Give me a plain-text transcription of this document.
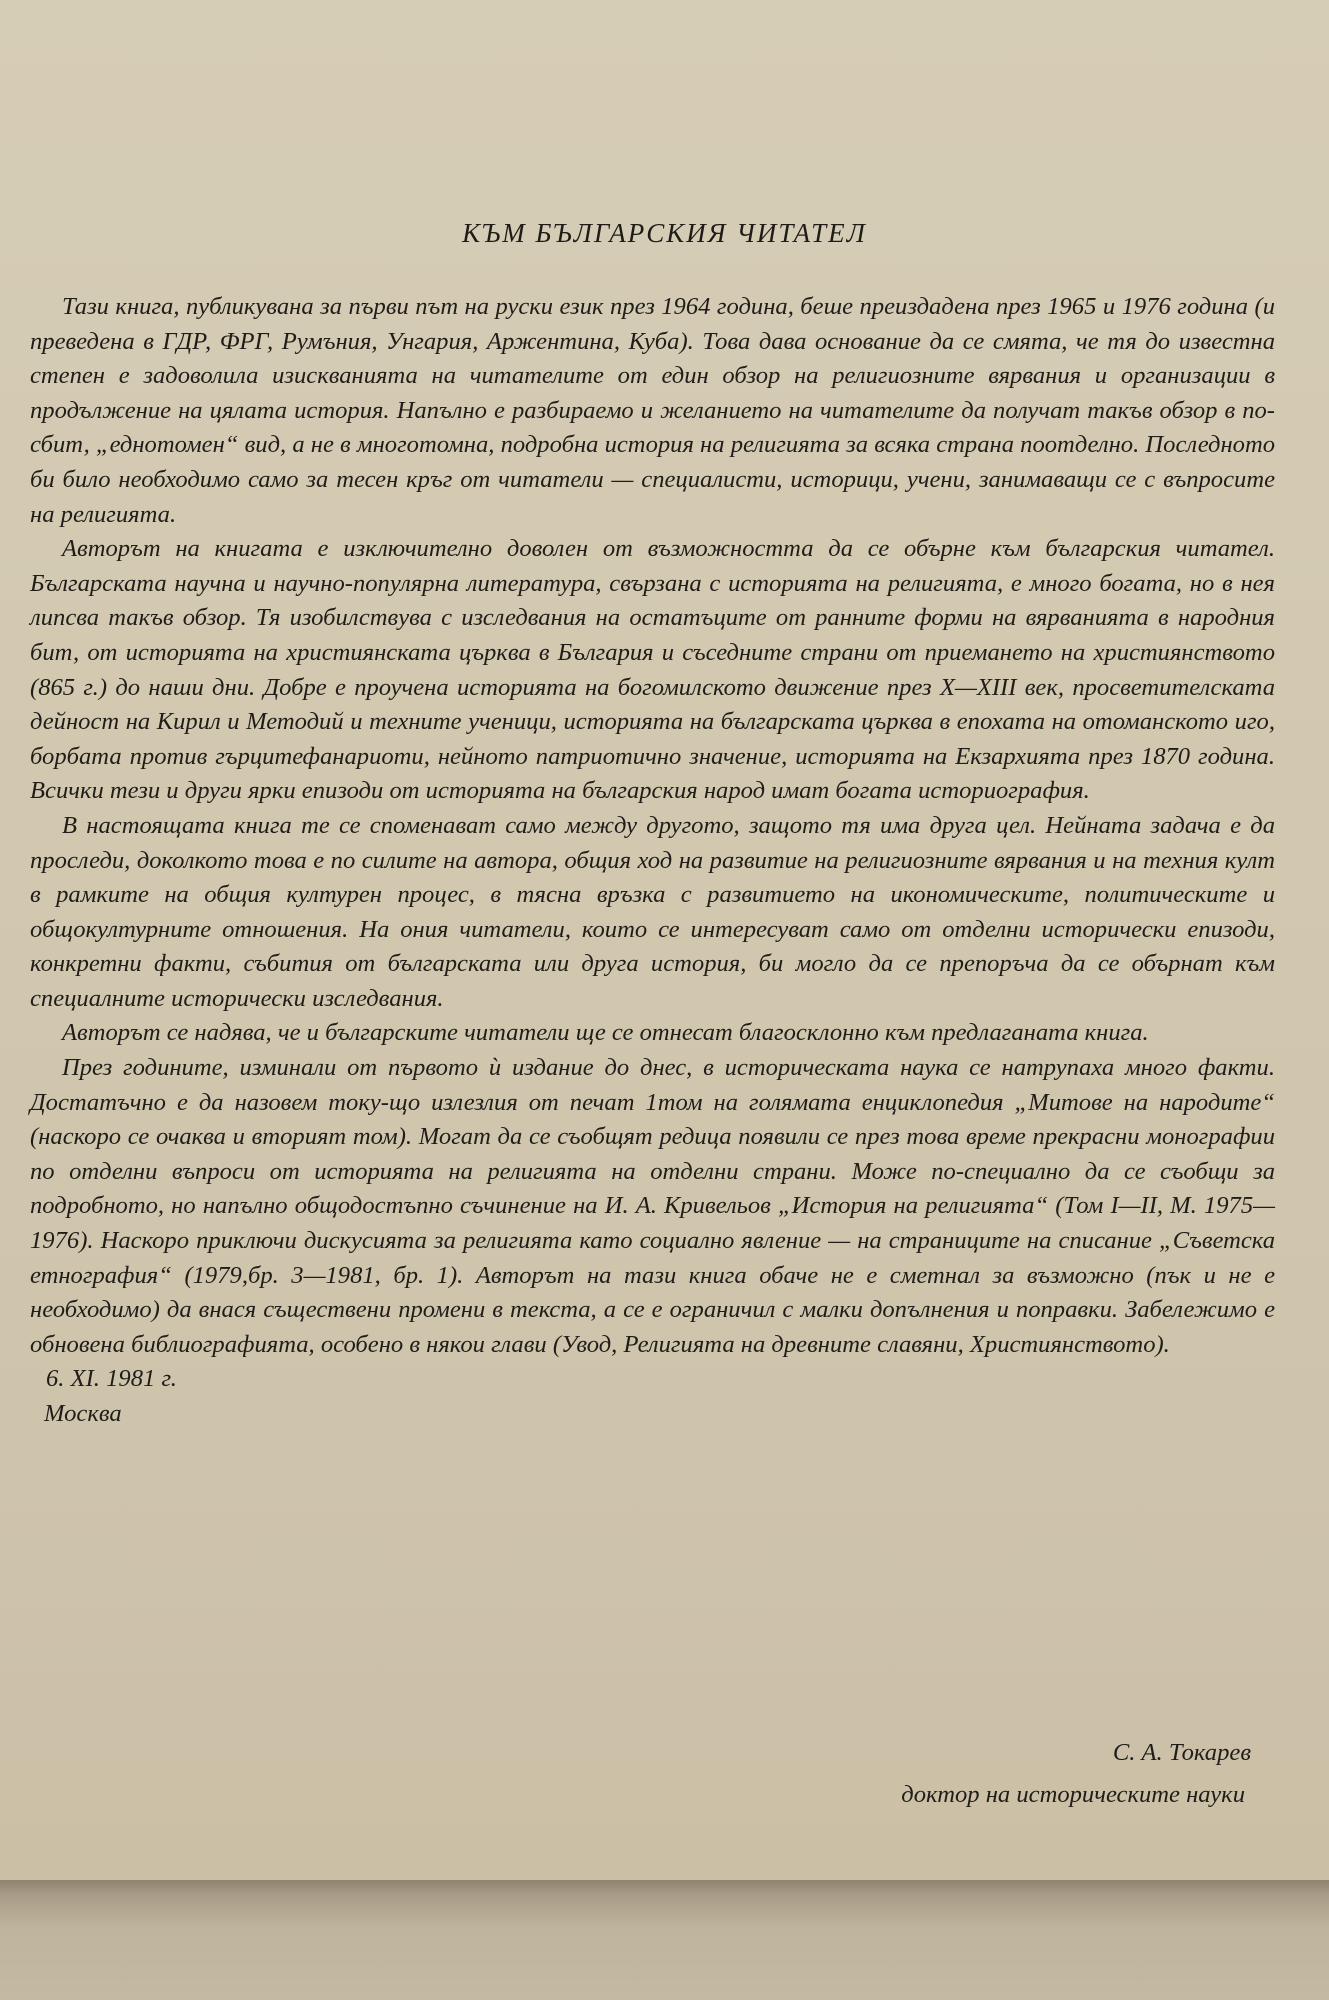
КЪМ БЪЛГАРСКИЯ ЧИТАТЕЛ

Тази книга, публикувана за първи път на руски език през 1964 година, беше преиздадена през 1965 и 1976 година (и преведена в ГДР, ФРГ, Румъния, Унгария, Аржентина, Куба). Това дава основание да се смята, че тя до известна степен е задоволила изискванията на читателите от един обзор на религиозните вярвания и организации в продължение на цялата история. Напълно е разбираемо и желанието на читателите да получат такъв обзор в по-сбит, „еднотомен“ вид, а не в многотомна, подробна история на религията за всяка страна поотделно. Последното би било необходимо само за тесен кръг от читатели — специалисти, историци, учени, занимаващи се с въпросите на религията.

Авторът на книгата е изключително доволен от възможността да се обърне към българския читател. Българската научна и научно-популярна литература, свързана с историята на религията, е много богата, но в нея липсва такъв обзор. Тя изобилствува с изследвания на остатъците от ранните форми на вярванията в народния бит, от историята на християнската църква в България и съседните страни от приемането на християнството (865 г.) до наши дни. Добре е проучена историята на богомилското движение през X—XIII век, просветителската дейност на Кирил и Методий и техните ученици, историята на българската църква в епохата на отоманското иго, борбата против гърцитефанариоти, нейното патриотично значение, историята на Екзархията през 1870 година. Всички тези и други ярки епизоди от историята на българския народ имат богата историография.

В настоящата книга те се споменават само между другото, защото тя има друга цел. Нейната задача е да проследи, доколкото това е по силите на автора, общия ход на развитие на религиозните вярвания и на техния култ в рамките на общия културен процес, в тясна връзка с развитието на икономическите, политическите и общокултурните отношения. На ония читатели, които се интересуват само от отделни исторически епизоди, конкретни факти, събития от българската или друга история, би могло да се препоръча да се обърнат към специалните исторически изследвания.

Авторът се надява, че и българските читатели ще се отнесат благосклонно към предлаганата книга.

През годините, изминали от първото ѝ издание до днес, в историческата наука се натрупаха много факти. Достатъчно е да назовем току-що излезлия от печат 1том на голямата енциклопедия „Митове на народите“ (наскоро се очаква и вторият том). Могат да се съобщят редица появили се през това време прекрасни монографии по отделни въпроси от историята на религията на отделни страни. Може по-специално да се съобщи за подробното, но напълно общодостъпно съчинение на И. А. Кривельов „История на религията“ (Том I—II, М. 1975—1976). Наскоро приключи дискусията за религията като социално явление — на страниците на списание „Съветска етнография“ (1979,бр. 3—1981, бр. 1). Авторът на тази книга обаче не е сметнал за възможно (пък и не е необходимо) да внася съществени промени в текста, а се е ограничил с малки допълнения и поправки. Забележимо е обновена библиографията, особено в някои глави (Увод, Религията на древните славяни, Християнството).

6. XI. 1981 г.

Москва

С. А. Токарев
доктор на историческите науки
